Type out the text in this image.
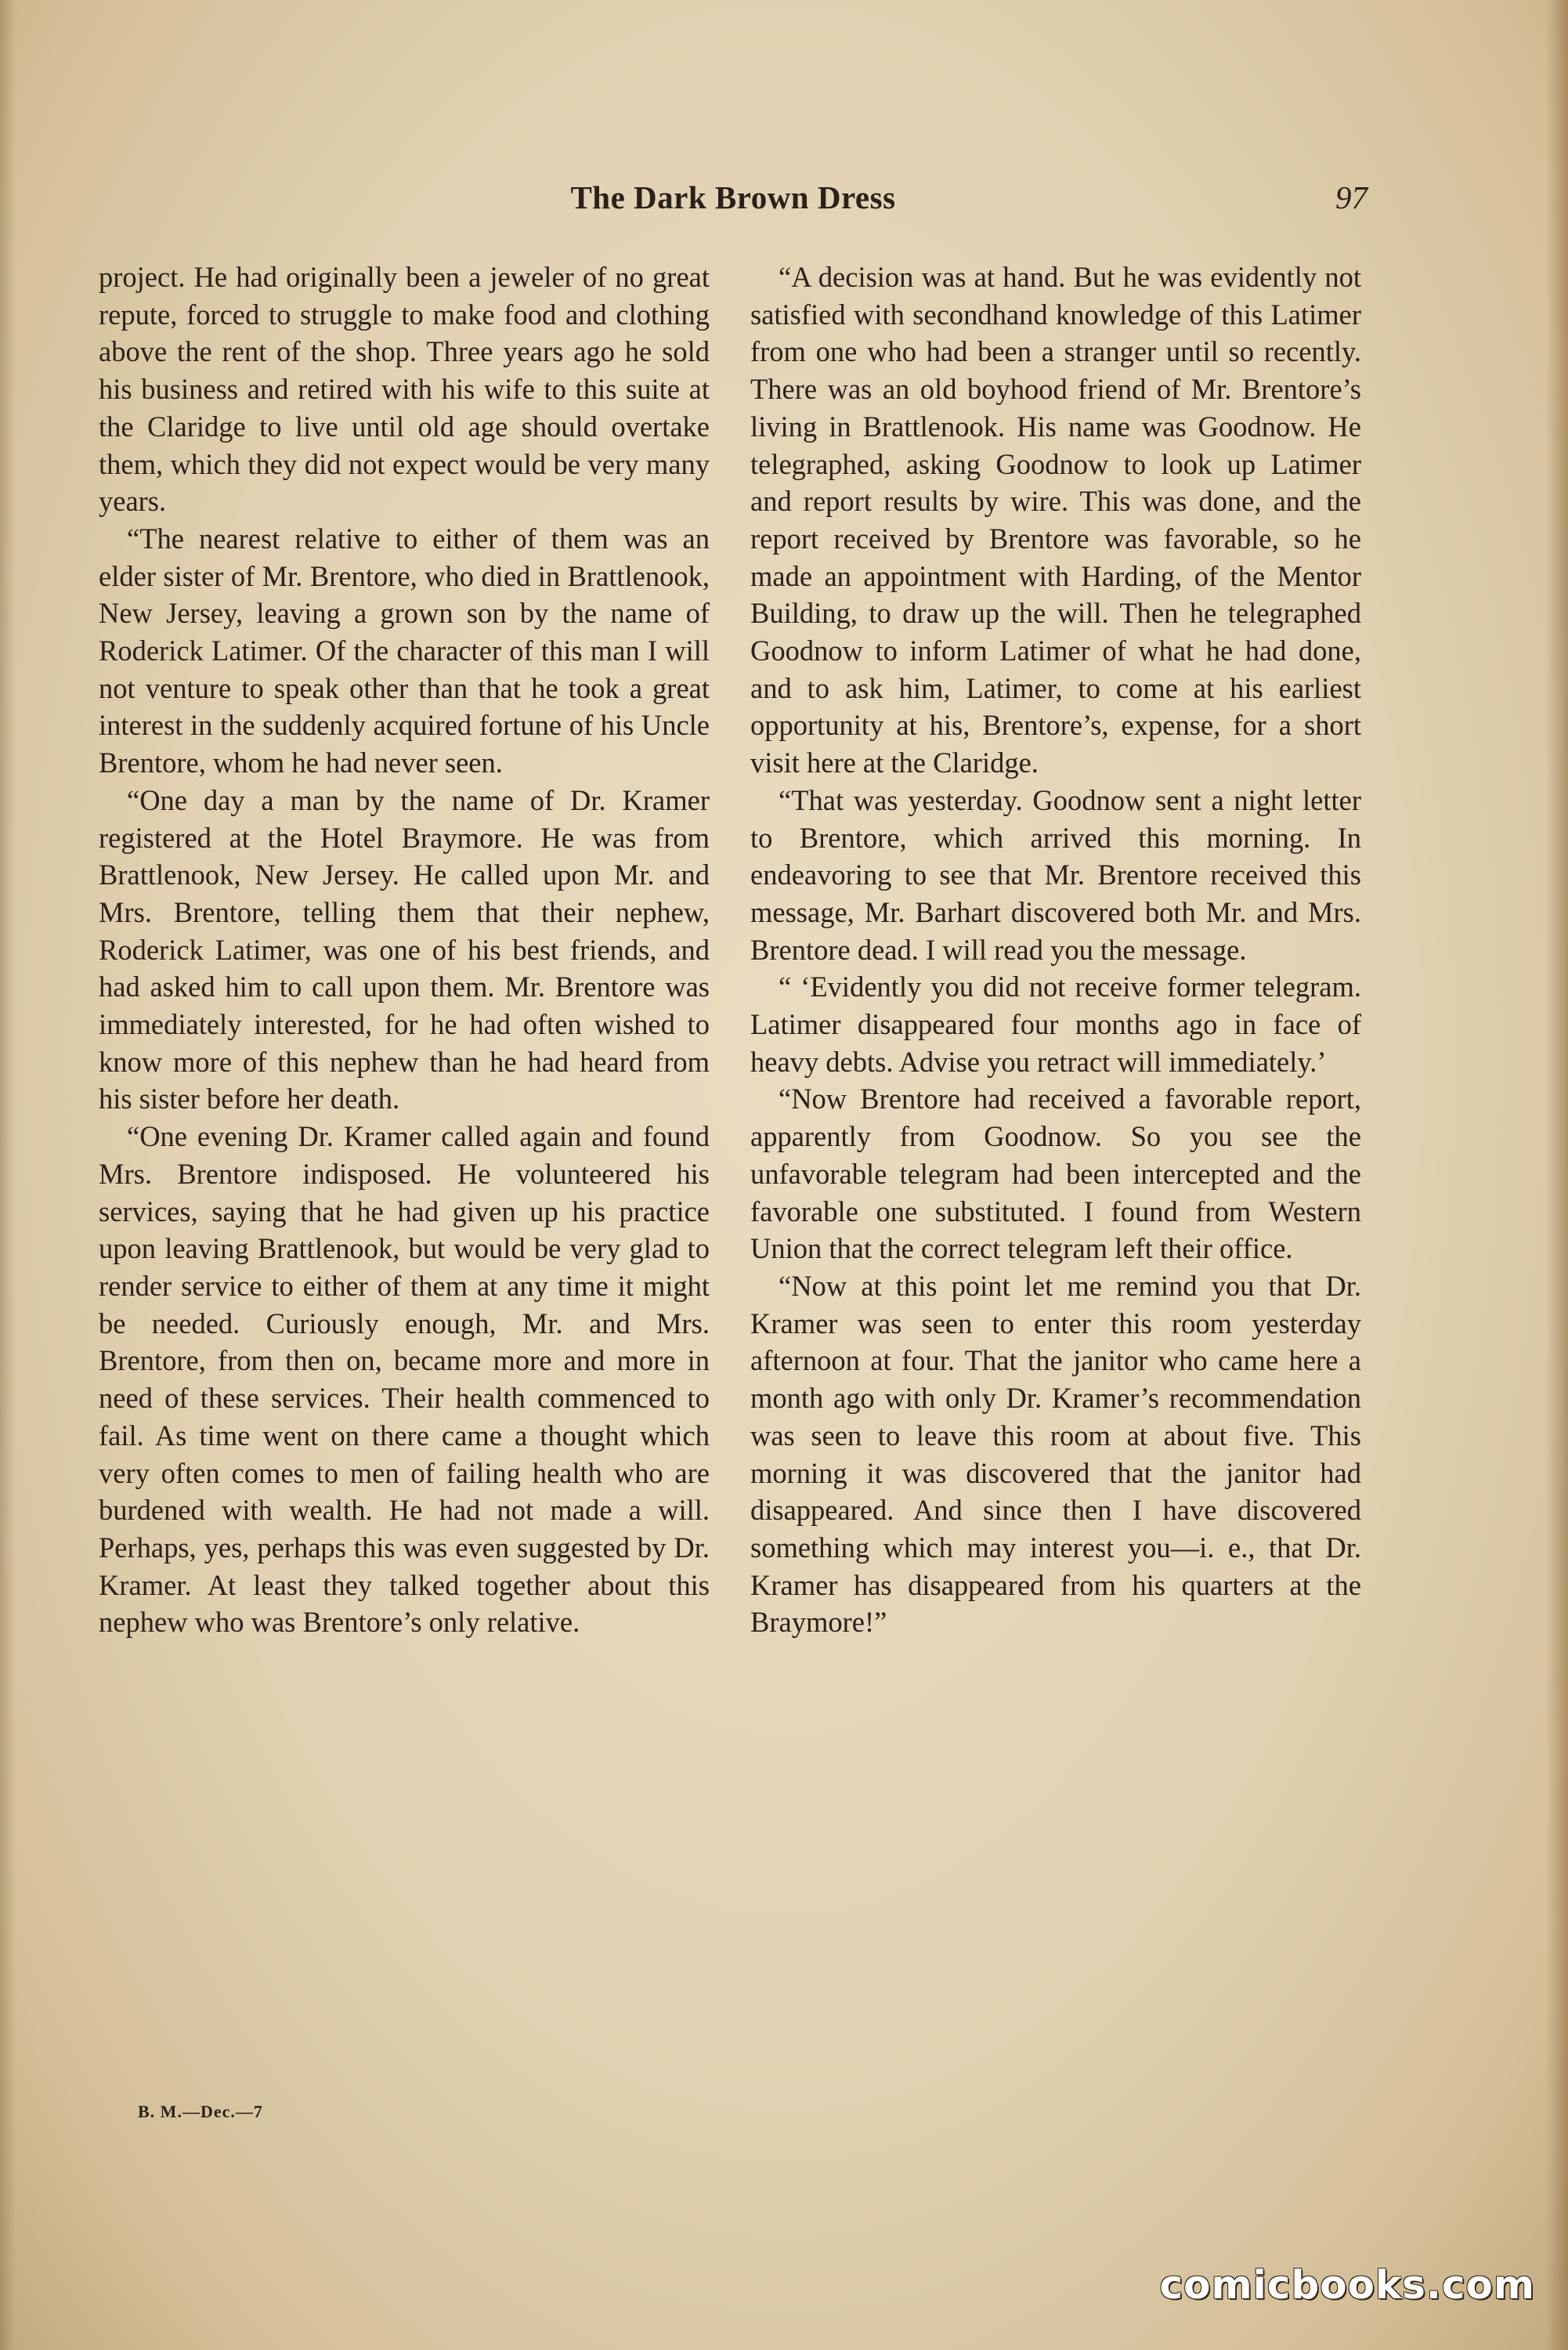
The Dark Brown Dress	97

project. He had originally been a jeweler of no great repute, forced to struggle to make food and clothing above the rent of the shop. Three years ago he sold his business and retired with his wife to this suite at the Claridge to live until old age should overtake them, which they did not expect would be very many years.

“The nearest relative to either of them was an elder sister of Mr. Brentore, who died in Brattlenook, New Jersey, leaving a grown son by the name of Roderick Latimer. Of the character of this man I will not venture to speak other than that he took a great interest in the suddenly acquired fortune of his Uncle Brentore, whom he had never seen.

“One day a man by the name of Dr. Kramer registered at the Hotel Braymore. He was from Brattlenook, New Jersey. He called upon Mr. and Mrs. Brentore, telling them that their nephew, Roderick Latimer, was one of his best friends, and had asked him to call upon them. Mr. Brentore was immediately interested, for he had often wished to know more of this nephew than he had heard from his sister before her death.

“One evening Dr. Kramer called again and found Mrs. Brentore indisposed. He volunteered his services, saying that he had given up his practice upon leaving Brattlenook, but would be very glad to render service to either of them at any time it might be needed. Curiously enough, Mr. and Mrs. Brentore, from then on, became more and more in need of these services. Their health commenced to fail. As time went on there came a thought which very often comes to men of failing health who are burdened with wealth. He had not made a will. Perhaps, yes, perhaps this was even suggested by Dr. Kramer. At least they talked together about this nephew who was Brentore’s only relative.

“A decision was at hand. But he was evidently not satisfied with secondhand knowledge of this Latimer from one who had been a stranger until so recently. There was an old boyhood friend of Mr. Brentore’s living in Brattlenook. His name was Goodnow. He telegraphed, asking Goodnow to look up Latimer and report results by wire. This was done, and the report received by Brentore was favorable, so he made an appointment with Harding, of the Mentor Building, to draw up the will. Then he telegraphed Goodnow to inform Latimer of what he had done, and to ask him, Latimer, to come at his earliest opportunity at his, Brentore’s, expense, for a short visit here at the Claridge.

“That was yesterday. Goodnow sent a night letter to Brentore, which arrived this morning. In endeavoring to see that Mr. Brentore received this message, Mr. Barhart discovered both Mr. and Mrs. Brentore dead. I will read you the message.

“ ‘Evidently you did not receive former telegram. Latimer disappeared four months ago in face of heavy debts. Advise you retract will immediately.’

“Now Brentore had received a favorable report, apparently from Goodnow. So you see the unfavorable telegram had been intercepted and the favorable one substituted. I found from Western Union that the correct telegram left their office.

“Now at this point let me remind you that Dr. Kramer was seen to enter this room yesterday afternoon at four. That the janitor who came here a month ago with only Dr. Kramer’s recommendation was seen to leave this room at about five. This morning it was discovered that the janitor had disappeared. And since then I have discovered something which may interest you—i. e., that Dr. Kramer has disappeared from his quarters at the Braymore!”

B. M.—Dec.—7
comicbooks.com
